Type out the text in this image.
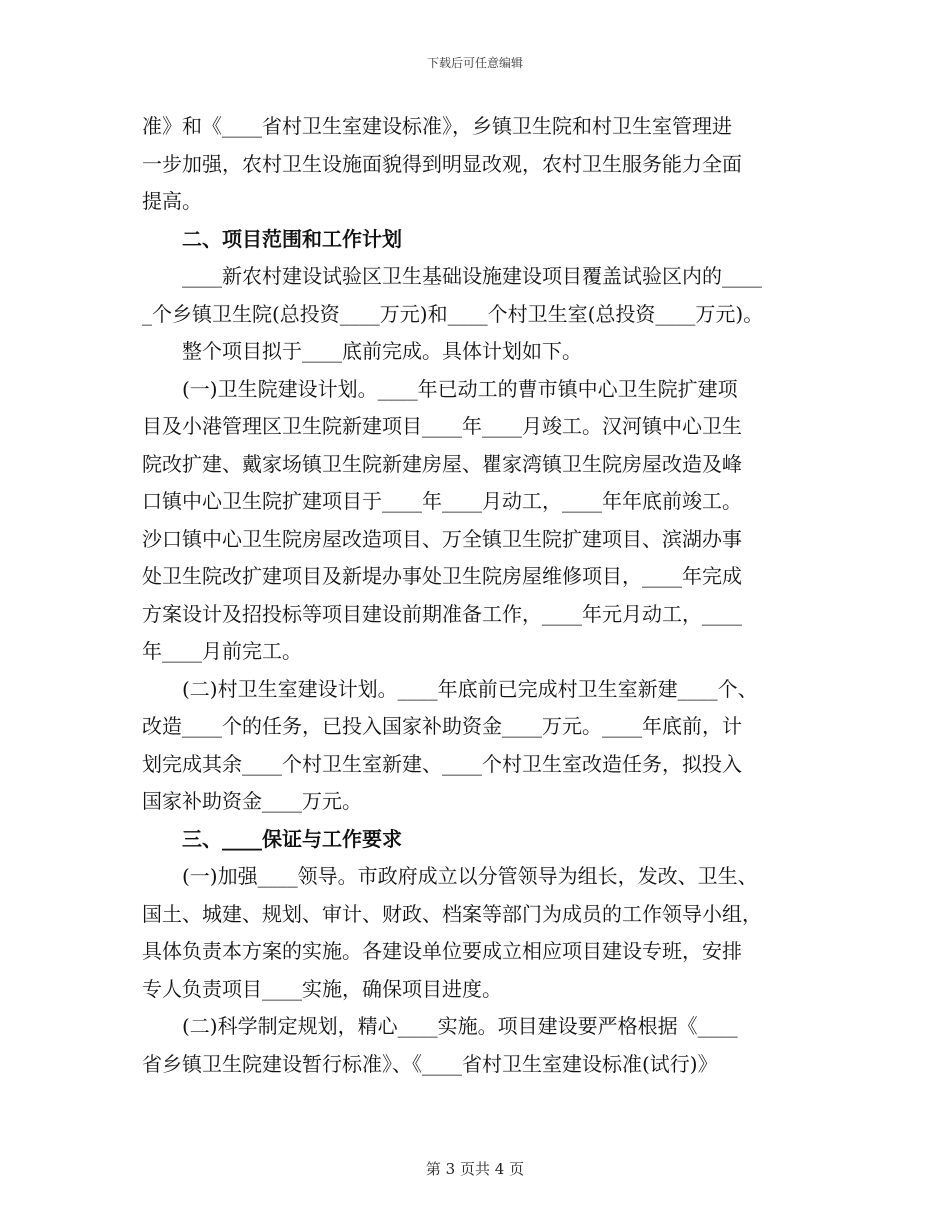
下载后可任意编辑
准》和《____省村卫生室建设标准》，乡镇卫生院和村卫生室管理进
一步加强，农村卫生设施面貌得到明显改观，农村卫生服务能力全面
提高。
　　二、项目范围和工作计划
　　____新农村建设试验区卫生基础设施建设项目覆盖试验区内的____
_个乡镇卫生院(总投资____万元)和____个村卫生室(总投资____万元)。
　　整个项目拟于____底前完成。具体计划如下。
　　(一)卫生院建设计划。____年已动工的曹市镇中心卫生院扩建项
目及小港管理区卫生院新建项目____年____月竣工。汉河镇中心卫生
院改扩建、戴家场镇卫生院新建房屋、瞿家湾镇卫生院房屋改造及峰
口镇中心卫生院扩建项目于____年____月动工，____年年底前竣工。
沙口镇中心卫生院房屋改造项目、万全镇卫生院扩建项目、滨湖办事
处卫生院改扩建项目及新堤办事处卫生院房屋维修项目，____年完成
方案设计及招投标等项目建设前期准备工作，____年元月动工，____
年____月前完工。
　　(二)村卫生室建设计划。____年底前已完成村卫生室新建____个、
改造____个的任务，已投入国家补助资金____万元。____年底前，计
划完成其余____个村卫生室新建、____个村卫生室改造任务，拟投入
国家补助资金____万元。
　　三、____保证与工作要求
　　(一)加强____领导。市政府成立以分管领导为组长，发改、卫生、
国土、城建、规划、审计、财政、档案等部门为成员的工作领导小组，
具体负责本方案的实施。各建设单位要成立相应项目建设专班，安排
专人负责项目____实施，确保项目进度。
　　(二)科学制定规划，精心____实施。项目建设要严格根据《____
省乡镇卫生院建设暂行标准》、《____省村卫生室建设标准(试行)》
第 3 页共 4 页
